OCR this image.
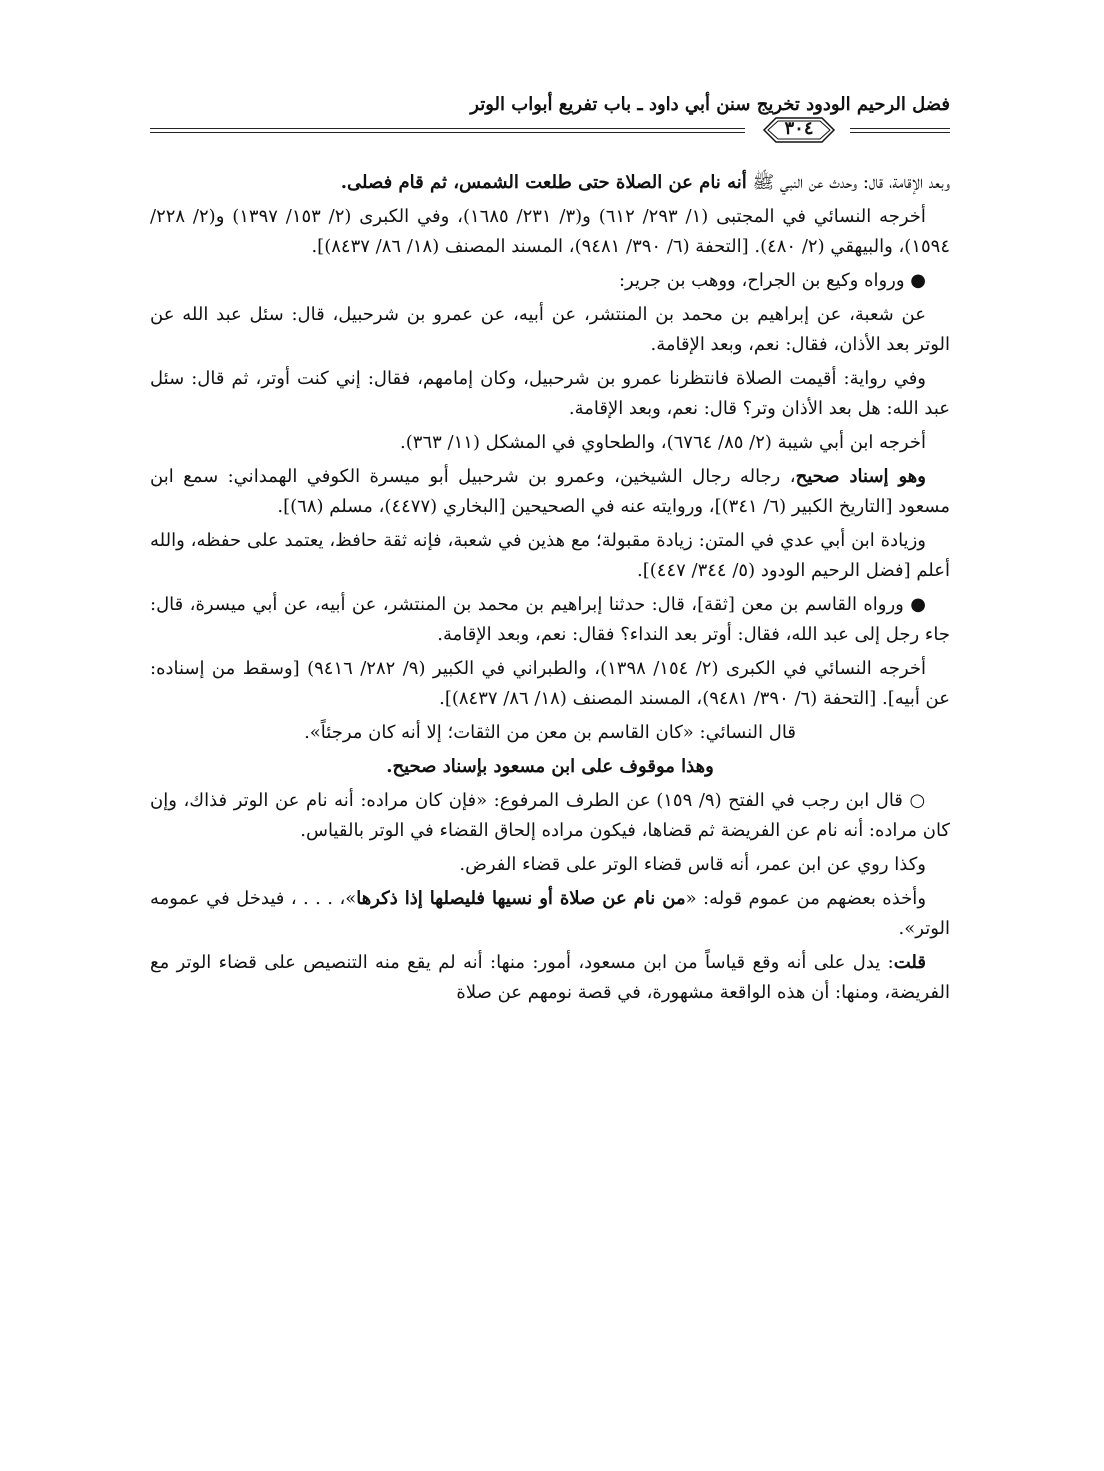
فضل الرحيم الودود تخريج سنن أبي داود ـ باب تفريع أبواب الوتر
٣٠٤

وبعد الإقامة، قال: وحدث عن النبي ﷺ أنه نام عن الصلاة حتى طلعت الشمس، ثم قام فصلى.

أخرجه النسائي في المجتبى (١/ ٢٩٣/ ٦١٢) و(٣/ ٢٣١/ ١٦٨٥)، وفي الكبرى (٢/ ١٥٣/ ١٣٩٧) و(٢/ ٢٢٨/ ١٥٩٤)، والبيهقي (٢/ ٤٨٠). [التحفة (٦/ ٣٩٠/ ٩٤٨١)، المسند المصنف (١٨/ ٨٦/ ٨٤٣٧)].

● ورواه وكيع بن الجراح، ووهب بن جرير:

عن شعبة، عن إبراهيم بن محمد بن المنتشر، عن أبيه، عن عمرو بن شرحبيل، قال: سئل عبد الله عن الوتر بعد الأذان، فقال: نعم، وبعد الإقامة.

وفي رواية: أقيمت الصلاة فانتظرنا عمرو بن شرحبيل، وكان إمامهم، فقال: إني كنت أوتر، ثم قال: سئل عبد الله: هل بعد الأذان وتر؟ قال: نعم، وبعد الإقامة.

أخرجه ابن أبي شيبة (٢/ ٨٥/ ٦٧٦٤)، والطحاوي في المشكل (١١/ ٣٦٣).

وهو إسناد صحيح، رجاله رجال الشيخين، وعمرو بن شرحبيل أبو ميسرة الكوفي الهمداني: سمع ابن مسعود [التاريخ الكبير (٦/ ٣٤١)]، وروايته عنه في الصحيحين [البخاري (٤٤٧٧)، مسلم (٦٨)].

وزيادة ابن أبي عدي في المتن: زيادة مقبولة؛ مع هذين في شعبة، فإنه ثقة حافظ، يعتمد على حفظه، والله أعلم [فضل الرحيم الودود (٥/ ٣٤٤/ ٤٤٧)].

● ورواه القاسم بن معن [ثقة]، قال: حدثنا إبراهيم بن محمد بن المنتشر، عن أبيه، عن أبي ميسرة، قال: جاء رجل إلى عبد الله، فقال: أوتر بعد النداء؟ فقال: نعم، وبعد الإقامة.

أخرجه النسائي في الكبرى (٢/ ١٥٤/ ١٣٩٨)، والطبراني في الكبير (٩/ ٢٨٢/ ٩٤١٦) [وسقط من إسناده: عن أبيه]. [التحفة (٦/ ٣٩٠/ ٩٤٨١)، المسند المصنف (١٨/ ٨٦/ ٨٤٣٧)].

قال النسائي: «كان القاسم بن معن من الثقات؛ إلا أنه كان مرجئاً».

وهذا موقوف على ابن مسعود بإسناد صحيح.

○ قال ابن رجب في الفتح (٩/ ١٥٩) عن الطرف المرفوع: «فإن كان مراده: أنه نام عن الوتر فذاك، وإن كان مراده: أنه نام عن الفريضة ثم قضاها، فيكون مراده إلحاق القضاء في الوتر بالقياس.

وكذا روي عن ابن عمر، أنه قاس قضاء الوتر على قضاء الفرض.

وأخذه بعضهم من عموم قوله: «من نام عن صلاة أو نسيها فليصلها إذا ذكرها»، . . . ، فيدخل في عمومه الوتر».

قلت: يدل على أنه وقع قياساً من ابن مسعود، أمور: منها: أنه لم يقع منه التنصيص على قضاء الوتر مع الفريضة، ومنها: أن هذه الواقعة مشهورة، في قصة نومهم عن صلاة
